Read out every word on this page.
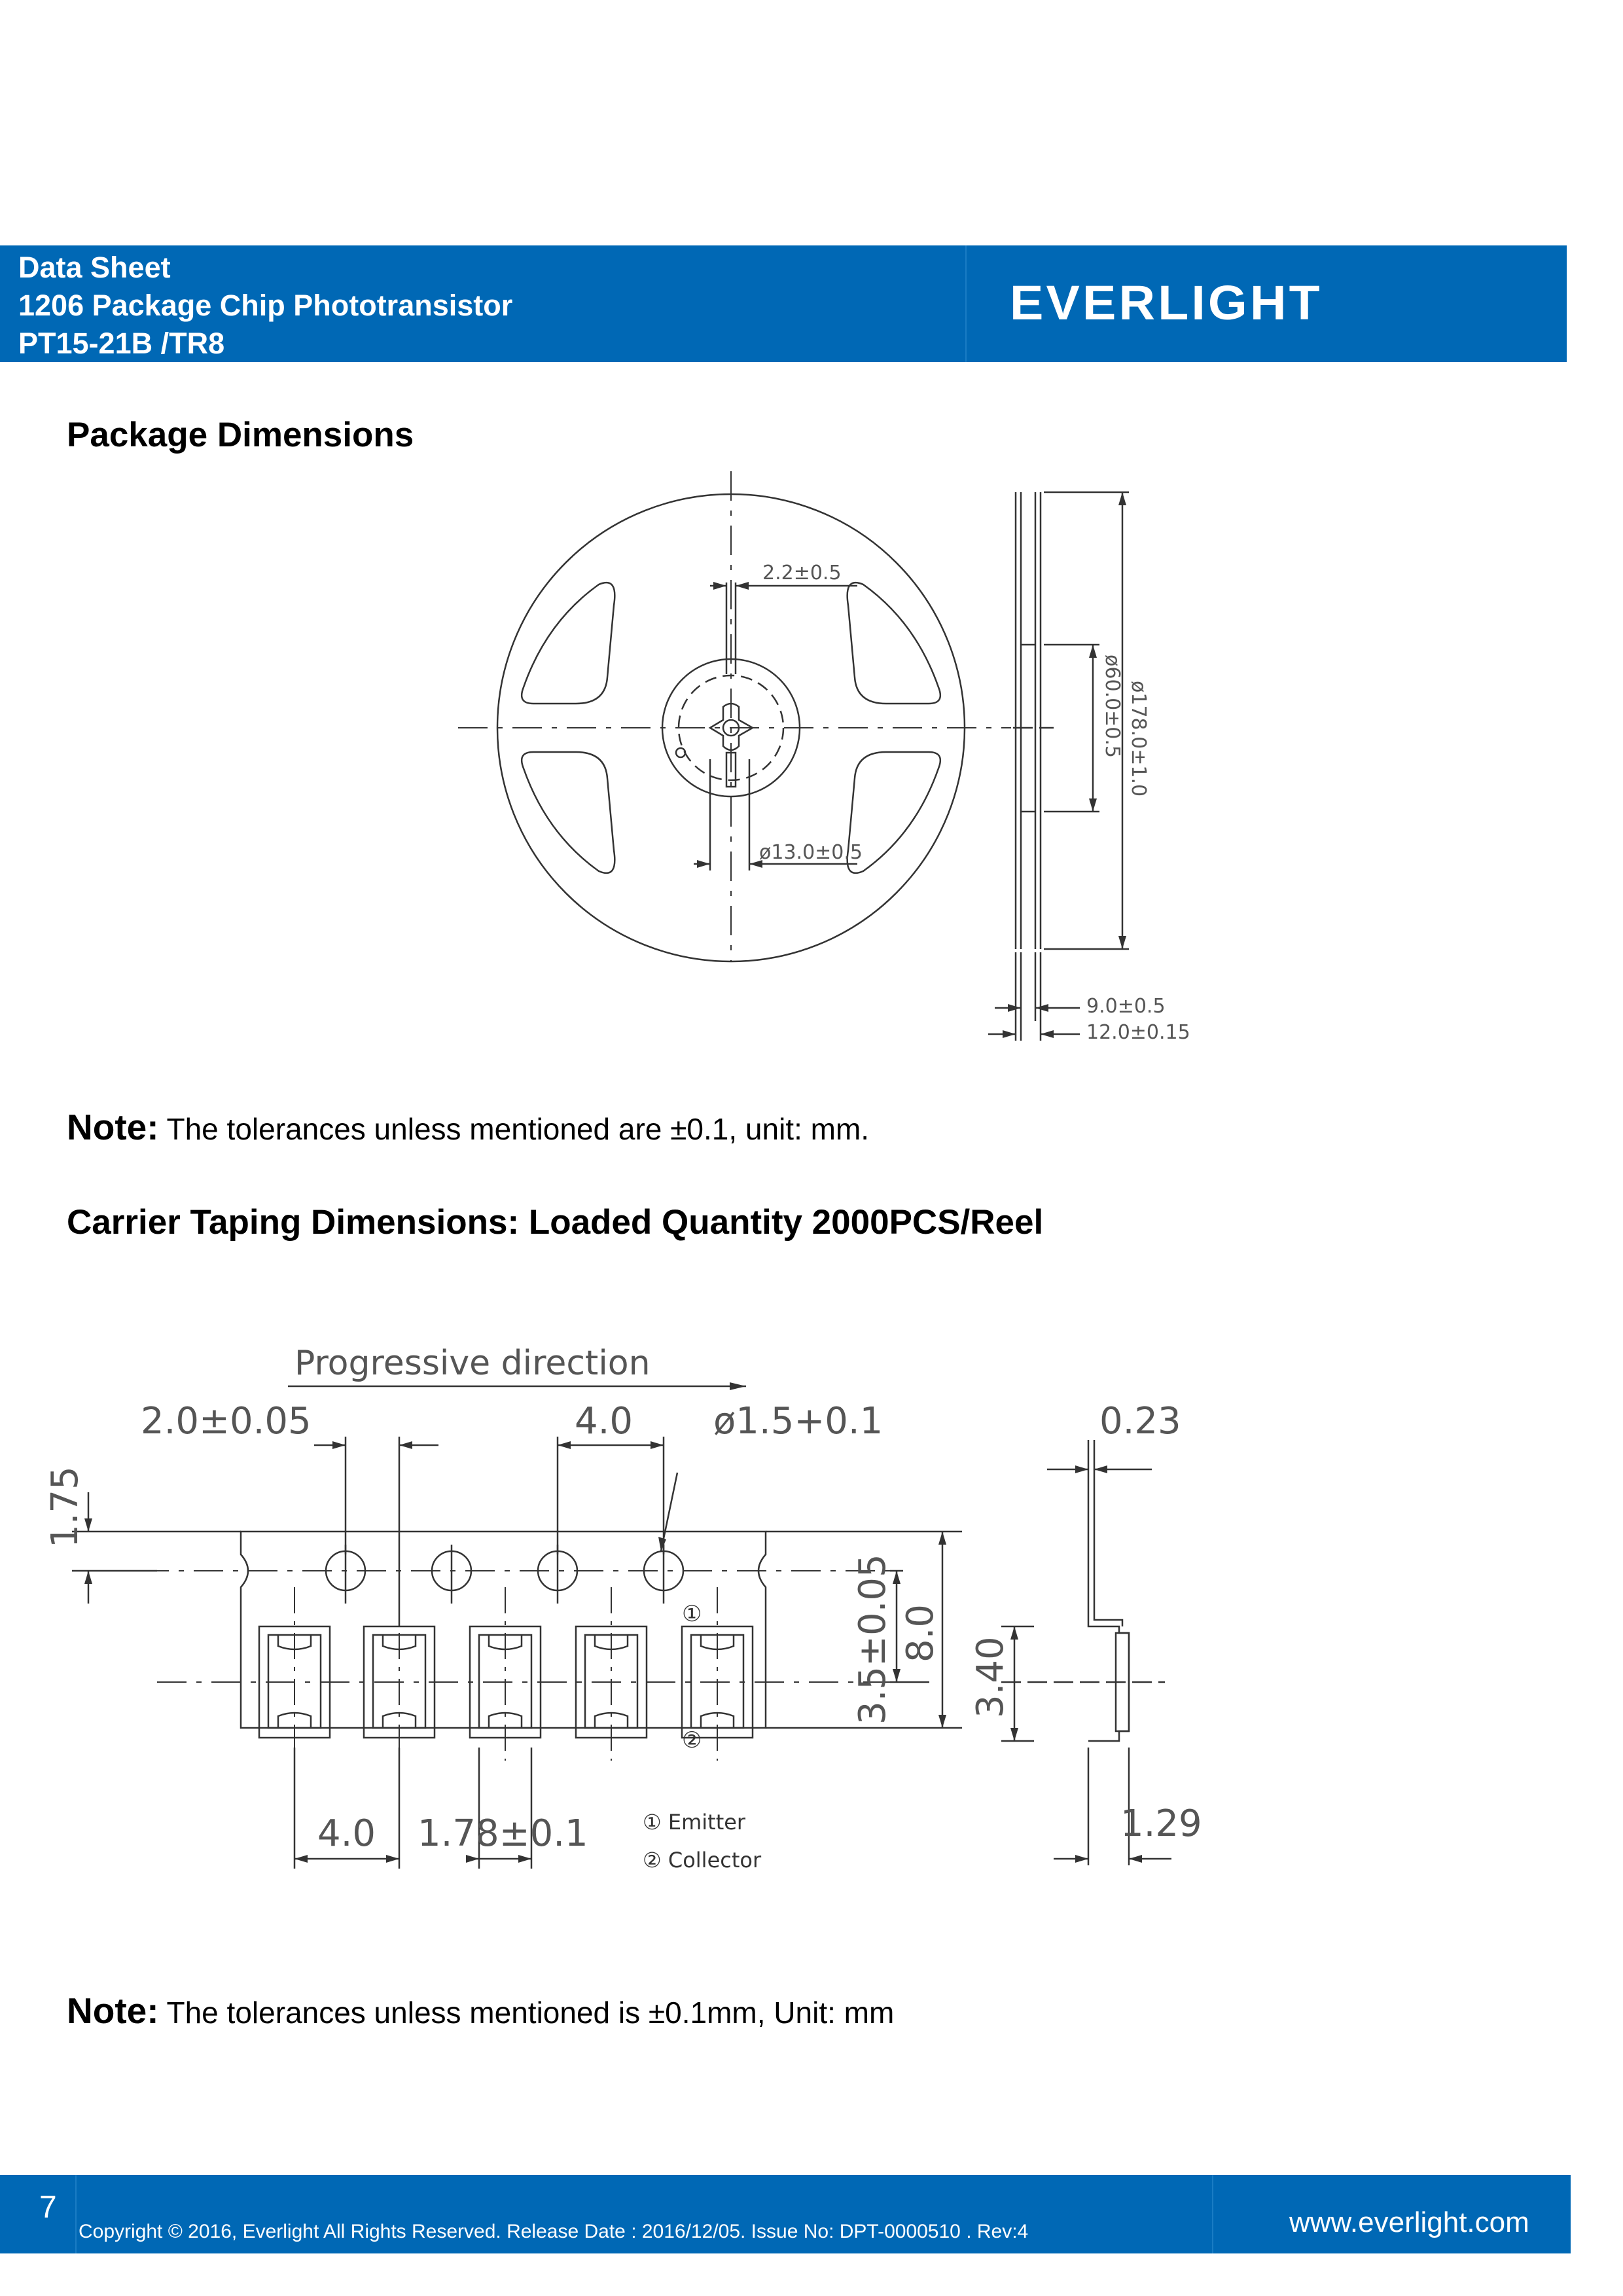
Data Sheet
1206 Package Chip Phototransistor
PT15-21B /TR8
EVERLIGHT
Package Dimensions
2.2±0.5
ø13.0±0.5
ø60.0±0.5 ø178.0±1.0
9.0±0.5
12.0±0.15
Note: The tolerances unless mentioned are ±0.1, unit: mm.
Carrier Taping Dimensions: Loaded Quantity 2000PCS/Reel
Progressive direction
2.0±0.05	4.0 ø1.5+0.1	0.23
1.75
3.5±0.05 8.0
3.40
4.0 1.78±0.1	1.29
①
②
① Emitter
② Collector
Note: The tolerances unless mentioned is ±0.1mm, Unit: mm
7
Copyright © 2016, Everlight All Rights Reserved. Release Date : 2016/12/05. Issue No: DPT-0000510 . Rev:4	www.everlight.com
